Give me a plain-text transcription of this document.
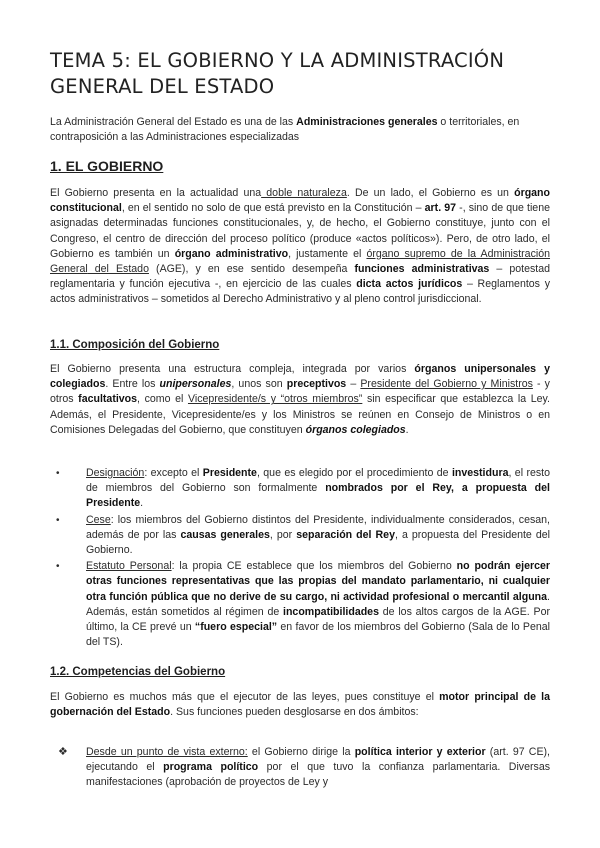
TEMA 5: EL GOBIERNO Y LA ADMINISTRACIÓN GENERAL DEL ESTADO

La Administración General del Estado es una de las Administraciones generales o territoriales, en contraposición a las Administraciones especializadas

1. EL GOBIERNO

El Gobierno presenta en la actualidad una doble naturaleza. De un lado, el Gobierno es un órgano constitucional, en el sentido no solo de que está previsto en la Constitución – art. 97 -, sino de que tiene asignadas determinadas funciones constitucionales, y, de hecho, el Gobierno constituye, junto con el Congreso, el centro de dirección del proceso político (produce «actos políticos»). Pero, de otro lado, el Gobierno es también un órgano administrativo, justamente el órgano supremo de la Administración General del Estado (AGE), y en ese sentido desempeña funciones administrativas – potestad reglamentaria y función ejecutiva -, en ejercicio de las cuales dicta actos jurídicos – Reglamentos y actos administrativos – sometidos al Derecho Administrativo y al pleno control jurisdiccional.

1.1. Composición del Gobierno

El Gobierno presenta una estructura compleja, integrada por varios órganos unipersonales y colegiados. Entre los unipersonales, unos son preceptivos – Presidente del Gobierno y Ministros - y otros facultativos, como el Vicepresidente/s y “otros miembros” sin especificar que establezca la Ley. Además, el Presidente, Vicepresidente/es y los Ministros se reúnen en Consejo de Ministros o en Comisiones Delegadas del Gobierno, que constituyen órganos colegiados.

• Designación: excepto el Presidente, que es elegido por el procedimiento de investidura, el resto de miembros del Gobierno son formalmente nombrados por el Rey, a propuesta del Presidente.
• Cese: los miembros del Gobierno distintos del Presidente, individualmente considerados, cesan, además de por las causas generales, por separación del Rey, a propuesta del Presidente del Gobierno.
• Estatuto Personal: la propia CE establece que los miembros del Gobierno no podrán ejercer otras funciones representativas que las propias del mandato parlamentario, ni cualquier otra función pública que no derive de su cargo, ni actividad profesional o mercantil alguna. Además, están sometidos al régimen de incompatibilidades de los altos cargos de la AGE. Por último, la CE prevé un “fuero especial” en favor de los miembros del Gobierno (Sala de lo Penal del TS).
1.2. Competencias del Gobierno

El Gobierno es muchos más que el ejecutor de las leyes, pues constituye el motor principal de la gobernación del Estado. Sus funciones pueden desglosarse en dos ámbitos:

❖ Desde un punto de vista externo: el Gobierno dirige la política interior y exterior (art. 97 CE), ejecutando el programa político por el que tuvo la confianza parlamentaria. Diversas manifestaciones (aprobación de proyectos de Ley y
